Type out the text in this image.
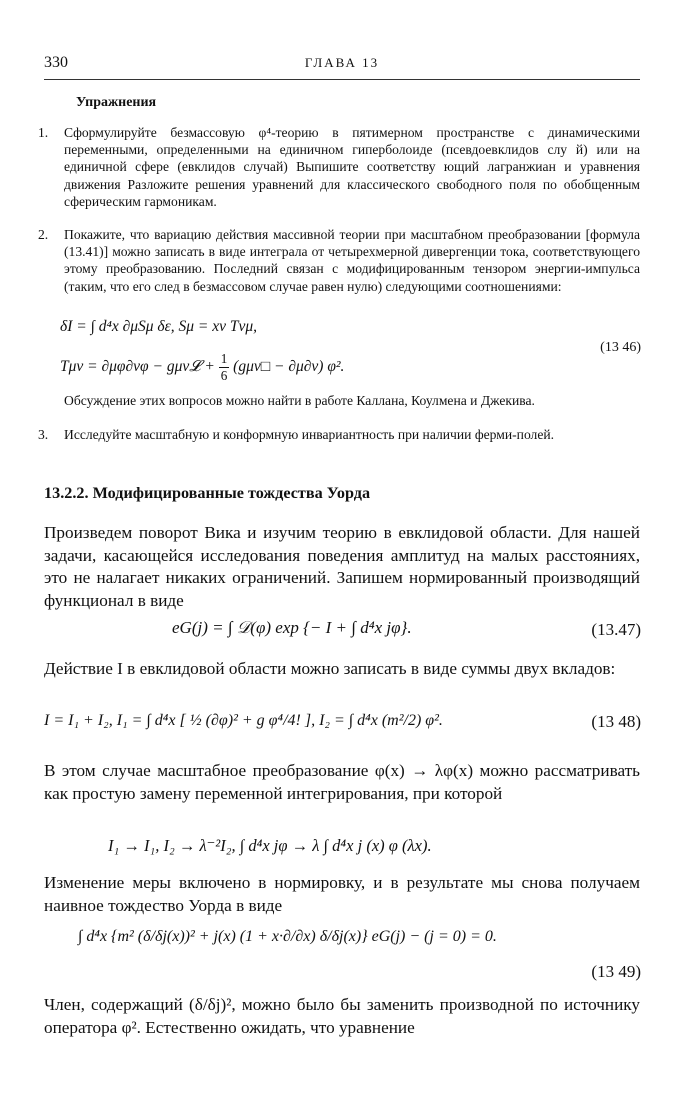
330	ГЛАВА 13
Упражнения
1.	Сформулируйте безмассовую φ⁴-теорию в пятимерном пространстве с динамическими переменными, определенными на единичном гиперболоиде (псевдоевклидов слу й) или на единичной сфере (евклидов случай) Выпишите соответству ющий лагранжиан и уравнения движения Разложите решения уравнений для классического свободного поля по обобщенным сферическим гармоникам.
2.	Покажите, что вариацию действия массивной теории при масштабном преобразовании [формула (13.41)] можно записать в виде интеграла от четырехмерной дивергенции тока, соответствующего этому преобразованию. Последний связан с модифицированным тензором энергии-импульса (таким, что его след в безмассовом случае равен нулю) следующими соотношениями:
δI = ∫ d⁴x ∂μSμ δε, Sμ = xν Tνμ,
Tμν = ∂μφ∂νφ − gμν𝓛 + $\frac{1}{6}$ (gμν□ − ∂μ∂ν) φ².
(13 46)
Обсуждение этих вопросов можно найти в работе Каллана, Коулмена и Джекива.
3.	Исследуйте масштабную и конформную инвариантность при наличии ферми-полей.
13.2.2. Модифицированные тождества Уорда
Произведем поворот Вика и изучим теорию в евклидовой области. Для нашей задачи, касающейся исследования поведения амплитуд на малых расстояниях, это не налагает никаких ограничений. Запишем нормированный производящий функционал в виде
eG(j) = ∫ 𝒟(φ) exp {− I + ∫ d⁴x jφ}.	(13.47)
Действие I в евклидовой области можно записать в виде суммы двух вкладов:
I = I₁ + I₂, I₁ = ∫ d⁴x [ ½ (∂φ)² + g φ⁴/4! ], I₂ = ∫ d⁴x (m²/2) φ².	(13 48)
В этом случае масштабное преобразование φ(x) → λφ(x) можно рассматривать как простую замену переменной интегрирования, при которой
I₁ → I₁, I₂ → λ⁻²I₂, ∫ d⁴x jφ → λ ∫ d⁴x j (x) φ (λx).
Изменение меры включено в нормировку, и в результате мы снова получаем наивное тождество Уорда в виде
∫ d⁴x {m² (δ/δj(x))² + j(x) (1 + x·∂/∂x) δ/δj(x)} eG(j) − (j = 0) = 0.
(13 49)
Член, содержащий (δ/δj)², можно было бы заменить производной по источнику оператора φ². Естественно ожидать, что уравнение
